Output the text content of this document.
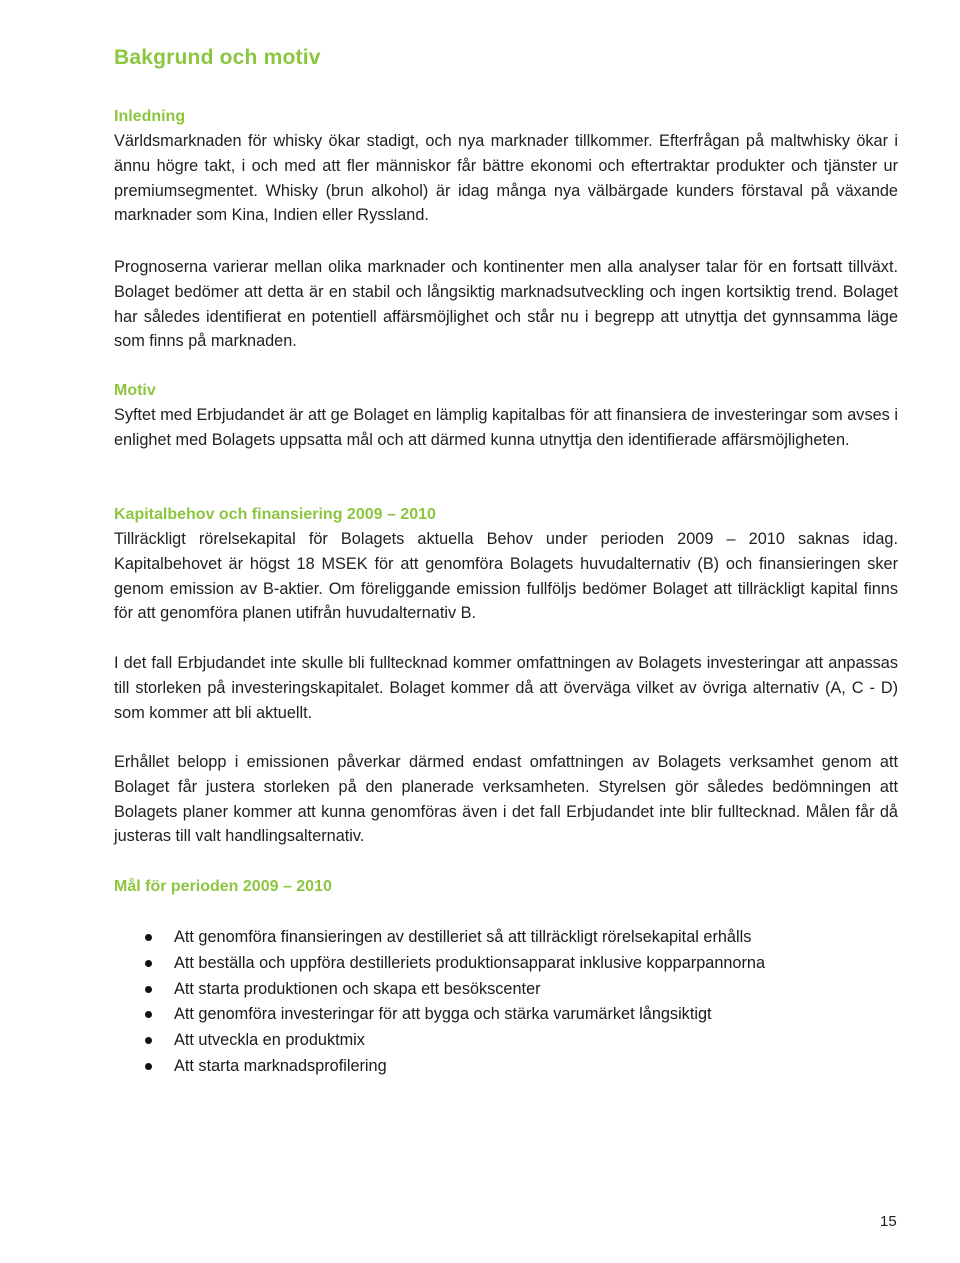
Bakgrund och motiv
Inledning

Världsmarknaden för whisky ökar stadigt, och nya marknader tillkommer. Efterfrågan på maltwhisky ökar i ännu högre takt, i och med att fler människor får bättre ekonomi och eftertraktar produkter och tjänster ur premiumsegmentet. Whisky (brun alkohol) är idag många nya välbärgade kunders förstaval på växande marknader som Kina, Indien eller Ryssland.

Prognoserna varierar mellan olika marknader och kontinenter men alla analyser talar för en fortsatt tillväxt. Bolaget bedömer att detta är en stabil och långsiktig marknadsutveckling och ingen kortsiktig trend. Bolaget har således identifierat en potentiell affärsmöjlighet och står nu i begrepp att utnyttja det gynnsamma läge som finns på marknaden.

Motiv

Syftet med Erbjudandet är att ge Bolaget en lämplig kapitalbas för att finansiera de investeringar som avses i enlighet med Bolagets uppsatta mål och att därmed kunna utnyttja den identifierade affärsmöjligheten.

Kapitalbehov och finansiering 2009 – 2010

Tillräckligt rörelsekapital för Bolagets aktuella Behov under perioden 2009 – 2010 saknas idag. Kapitalbehovet är högst 18 MSEK för att genomföra Bolagets huvudalternativ (B) och finansieringen sker genom emission av B-aktier. Om föreliggande emission fullföljs bedömer Bolaget att tillräckligt kapital finns för att genomföra planen utifrån huvudalternativ B.

I det fall Erbjudandet inte skulle bli fulltecknad kommer omfattningen av Bolagets investeringar att anpassas till storleken på investeringskapitalet. Bolaget kommer då att överväga vilket av övriga alternativ (A, C - D) som kommer att bli aktuellt.

Erhållet belopp i emissionen påverkar därmed endast omfattningen av Bolagets verksamhet genom att Bolaget får justera storleken på den planerade verksamheten. Styrelsen gör således bedömningen att Bolagets planer kommer att kunna genomföras även i det fall Erbjudandet inte blir fulltecknad. Målen får då justeras till valt handlingsalternativ.

Mål för perioden 2009 – 2010
Att genomföra finansieringen av destilleriet så att tillräckligt rörelsekapital erhålls
Att beställa och uppföra destilleriets produktionsapparat inklusive kopparpannorna
Att starta produktionen och skapa ett besökscenter
Att genomföra investeringar för att bygga och stärka varumärket långsiktigt
Att utveckla en produktmix
Att starta marknadsprofilering
15
